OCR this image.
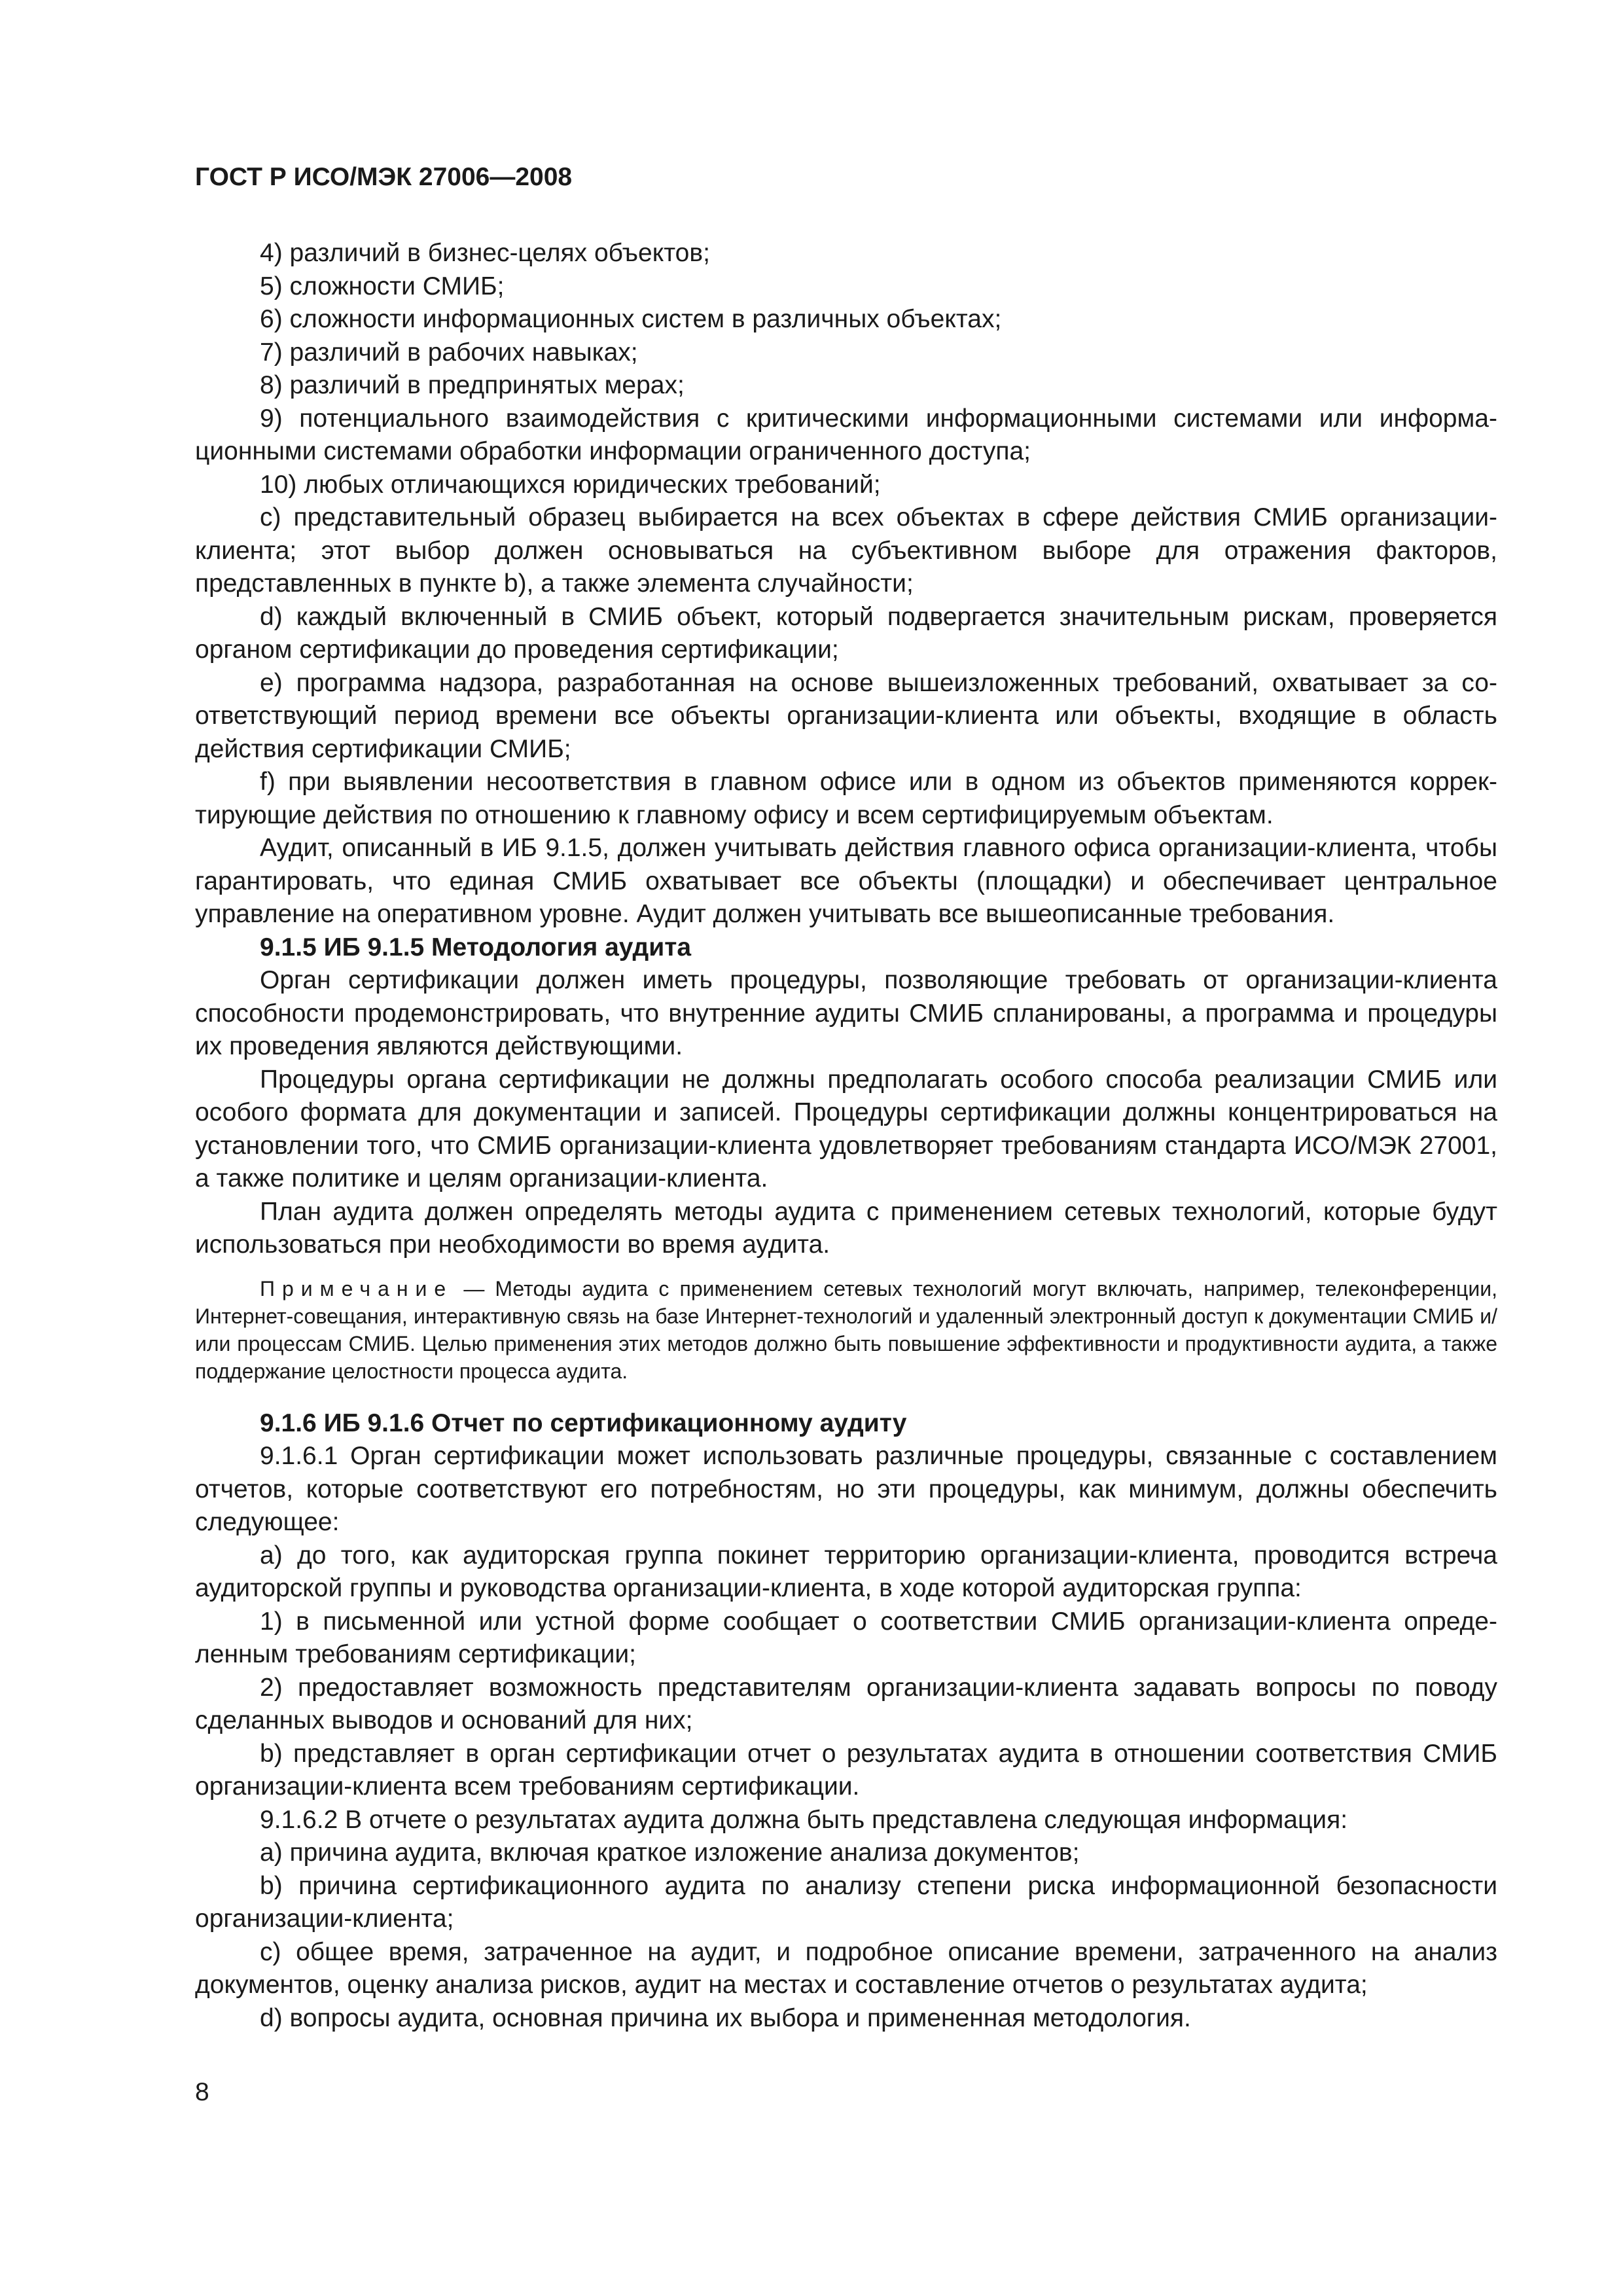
ГОСТ Р ИСО/МЭК 27006—2008

4) различий в бизнес-целях объектов;

5) сложности СМИБ;

6) сложности информационных систем в различных объектах;

7) различий в рабочих навыках;

8) различий в предпринятых мерах;

9) потенциального взаимодействия с критическими информационными системами или информационными системами обработки информации ограниченного доступа;

10) любых отличающихся юридических требований;

c) представительный образец выбирается на всех объектах в сфере действия СМИБ организации-клиента; этот выбор должен основываться на субъективном выборе для отражения факторов, представленных в пункте b), а также элемента случайности;

d) каждый включенный в СМИБ объект, который подвергается значительным рискам, проверяется органом сертификации до проведения сертификации;

e) программа надзора, разработанная на основе вышеизложенных требований, охватывает за соответствующий период времени все объекты организации-клиента или объекты, входящие в область действия сертификации СМИБ;

f) при выявлении несоответствия в главном офисе или в одном из объектов применяются корректирующие действия по отношению к главному офису и всем сертифицируемым объектам.

Аудит, описанный в ИБ 9.1.5, должен учитывать действия главного офиса организации-клиента, чтобы гарантировать, что единая СМИБ охватывает все объекты (площадки) и обеспечивает центральное управление на оперативном уровне. Аудит должен учитывать все вышеописанные требования.

9.1.5 ИБ 9.1.5 Методология аудита

Орган сертификации должен иметь процедуры, позволяющие требовать от организации-клиента способности продемонстрировать, что внутренние аудиты СМИБ спланированы, а программа и процедуры их проведения являются действующими.

Процедуры органа сертификации не должны предполагать особого способа реализации СМИБ или особого формата для документации и записей. Процедуры сертификации должны концентрироваться на установлении того, что СМИБ организации-клиента удовлетворяет требованиям стандарта ИСО/МЭК 27001, а также политике и целям организации-клиента.

План аудита должен определять методы аудита с применением сетевых технологий, которые будут использоваться при необходимости во время аудита.

Примечание — Методы аудита с применением сетевых технологий могут включать, например, телеконференции, Интернет-совещания, интерактивную связь на базе Интернет-технологий и удаленный электронный доступ к документации СМИБ и/или процессам СМИБ. Целью применения этих методов должно быть повышение эффективности и продуктивности аудита, а также поддержание целостности процесса аудита.

9.1.6 ИБ 9.1.6 Отчет по сертификационному аудиту

9.1.6.1 Орган сертификации может использовать различные процедуры, связанные с составлением отчетов, которые соответствуют его потребностям, но эти процедуры, как минимум, должны обеспечить следующее:

a) до того, как аудиторская группа покинет территорию организации-клиента, проводится встреча аудиторской группы и руководства организации-клиента, в ходе которой аудиторская группа:

1) в письменной или устной форме сообщает о соответствии СМИБ организации-клиента определенным требованиям сертификации;

2) предоставляет возможность представителям организации-клиента задавать вопросы по поводу сделанных выводов и оснований для них;

b) представляет в орган сертификации отчет о результатах аудита в отношении соответствия СМИБ организации-клиента всем требованиям сертификации.

9.1.6.2 В отчете о результатах аудита должна быть представлена следующая информация:

a) причина аудита, включая краткое изложение анализа документов;

b) причина сертификационного аудита по анализу степени риска информационной безопасности организации-клиента;

c) общее время, затраченное на аудит, и подробное описание времени, затраченного на анализ документов, оценку анализа рисков, аудит на местах и составление отчетов о результатах аудита;

d) вопросы аудита, основная причина их выбора и примененная методология.

8
